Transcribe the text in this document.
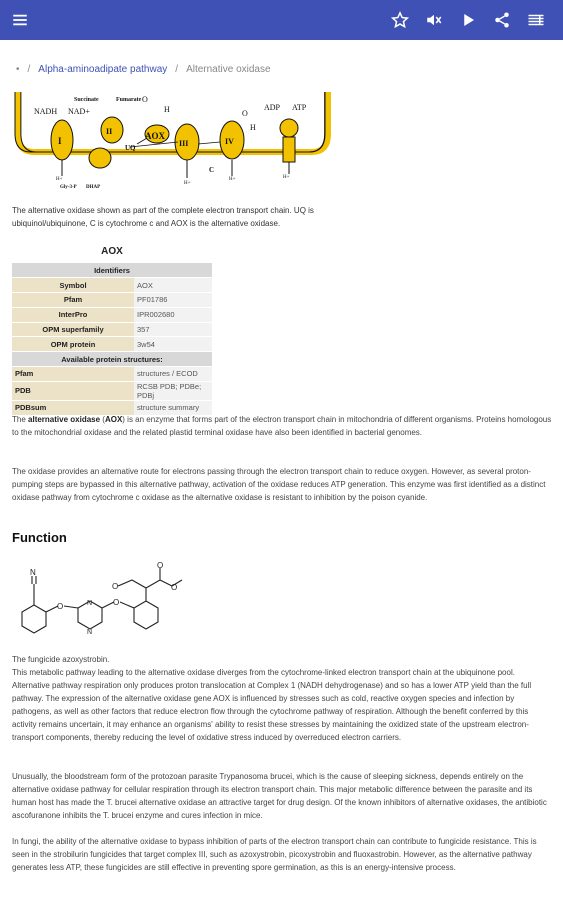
• / Alpha-aminoadipate pathway / Alternative oxidase
I
II
III	IV
AOX
UQ
C
Succinate	Fumarate
NADH NAD+
O
H	O
H
ADP ATP
Gly-3-P DHAP
H+
H+
H+	H+
The alternative oxidase shown as part of the complete electron transport chain. UQ is ubiquinol/ubiquinone, C is cytochrome c and AOX is the alternative oxidase.
AOX
Identifiers	
Symbol	AOX
Pfam	PF01786
InterPro	IPR002680
OPM superfamily	357
OPM protein	3w54
Available protein structures:	
Pfam	structures / ECOD
PDB	RCSB PDB; PDBe; PDBj
PDBsum	structure summary
The alternative oxidase (AOX) is an enzyme that forms part of the electron transport chain in mitochondria of different organisms. Proteins homologous to the mitochondrial oxidase and the related plastid terminal oxidase have also been identified in bacterial genomes.
The oxidase provides an alternative route for electrons passing through the electron transport chain to reduce oxygen. However, as several proton-pumping steps are bypassed in this alternative pathway, activation of the oxidase reduces ATP generation. This enzyme was first identified as a distinct oxidase pathway from cytochrome c oxidase as the alternative oxidase is resistant to inhibition by the poison cyanide.
Function
N
O	O
O	O
O
N
N
The fungicide azoxystrobin.
This metabolic pathway leading to the alternative oxidase diverges from the cytochrome-linked electron transport chain at the ubiquinone pool. Alternative pathway respiration only produces proton translocation at Complex 1 (NADH dehydrogenase) and so has a lower ATP yield than the full pathway. The expression of the alternative oxidase gene AOX is influenced by stresses such as cold, reactive oxygen species and infection by pathogens, as well as other factors that reduce electron flow through the cytochrome pathway of respiration. Although the benefit conferred by this activity remains uncertain, it may enhance an organisms' ability to resist these stresses by maintaining the oxidized state of the upstream electron-transport components, thereby reducing the level of oxidative stress induced by overreduced electron carriers.
Unusually, the bloodstream form of the protozoan parasite Trypanosoma brucei, which is the cause of sleeping sickness, depends entirely on the alternative oxidase pathway for cellular respiration through its electron transport chain. This major metabolic difference between the parasite and its human host has made the T. brucei alternative oxidase an attractive target for drug design. Of the known inhibitors of alternative oxidases, the antibiotic ascofuranone inhibits the T. brucei enzyme and cures infection in mice.
In fungi, the ability of the alternative oxidase to bypass inhibition of parts of the electron transport chain can contribute to fungicide resistance. This is seen in the strobilurin fungicides that target complex III, such as azoxystrobin, picoxystrobin and fluoxastrobin. However, as the alternative pathway generates less ATP, these fungicides are still effective in preventing spore germination, as this is an energy-intensive process.
